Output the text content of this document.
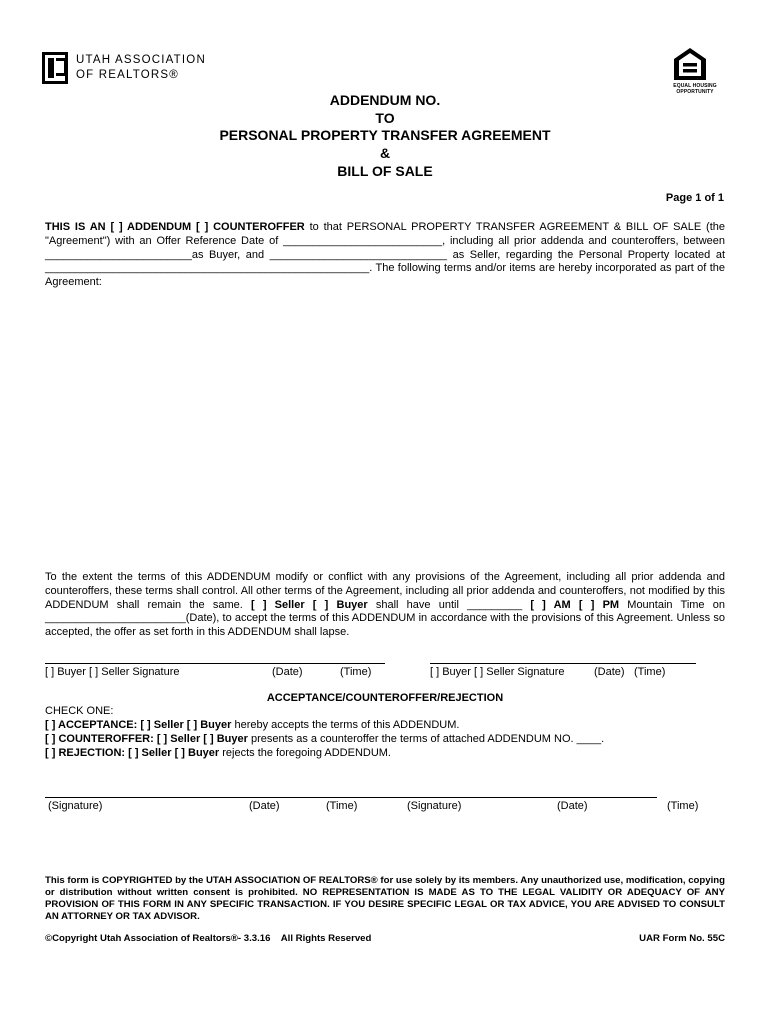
UTAH ASSOCIATION
OF REALTORS®
EQUAL HOUSING
OPPORTUNITY
ADDENDUM NO.
TO
PERSONAL PROPERTY TRANSFER AGREEMENT
&
BILL OF SALE
Page 1 of 1
THIS IS AN [ ] ADDENDUM [ ] COUNTEROFFER to that PERSONAL PROPERTY TRANSFER AGREEMENT & BILL OF SALE (the "Agreement") with an Offer Reference Date of __________________________, including all prior addenda and counteroffers, between ________________________as Buyer, and _____________________________ as Seller, regarding the Personal Property located at _____________________________________________________. The following terms and/or items are hereby incorporated as part of the Agreement:
To the extent the terms of this ADDENDUM modify or conflict with any provisions of the Agreement, including all prior addenda and counteroffers, these terms shall control. All other terms of the Agreement, including all prior addenda and counteroffers, not modified by this ADDENDUM shall remain the same. [ ] Seller [ ] Buyer shall have until _________ [ ] AM [ ] PM Mountain Time on _______________________(Date), to accept the terms of this ADDENDUM in accordance with the provisions of this Agreement. Unless so accepted, the offer as set forth in this ADDENDUM shall lapse.
[ ] Buyer [ ] Seller Signature	(Date)	(Time)	[ ] Buyer [ ] Seller Signature	(Date) (Time)
ACCEPTANCE/COUNTEROFFER/REJECTION
CHECK ONE:
[ ] ACCEPTANCE: [ ] Seller [ ] Buyer hereby accepts the terms of this ADDENDUM.
[ ] COUNTEROFFER: [ ] Seller [ ] Buyer presents as a counteroffer the terms of attached ADDENDUM NO. ____.
[ ] REJECTION: [ ] Seller [ ] Buyer rejects the foregoing ADDENDUM.
(Signature)	(Date)	(Time)	(Signature)	(Date)	(Time)
This form is COPYRIGHTED by the UTAH ASSOCIATION OF REALTORS® for use solely by its members. Any unauthorized use, modification, copying or distribution without written consent is prohibited. NO REPRESENTATION IS MADE AS TO THE LEGAL VALIDITY OR ADEQUACY OF ANY PROVISION OF THIS FORM IN ANY SPECIFIC TRANSACTION. IF YOU DESIRE SPECIFIC LEGAL OR TAX ADVICE, YOU ARE ADVISED TO CONSULT AN ATTORNEY OR TAX ADVISOR.
©Copyright Utah Association of Realtors®- 3.3.16    All Rights Reserved	UAR Form No. 55C
